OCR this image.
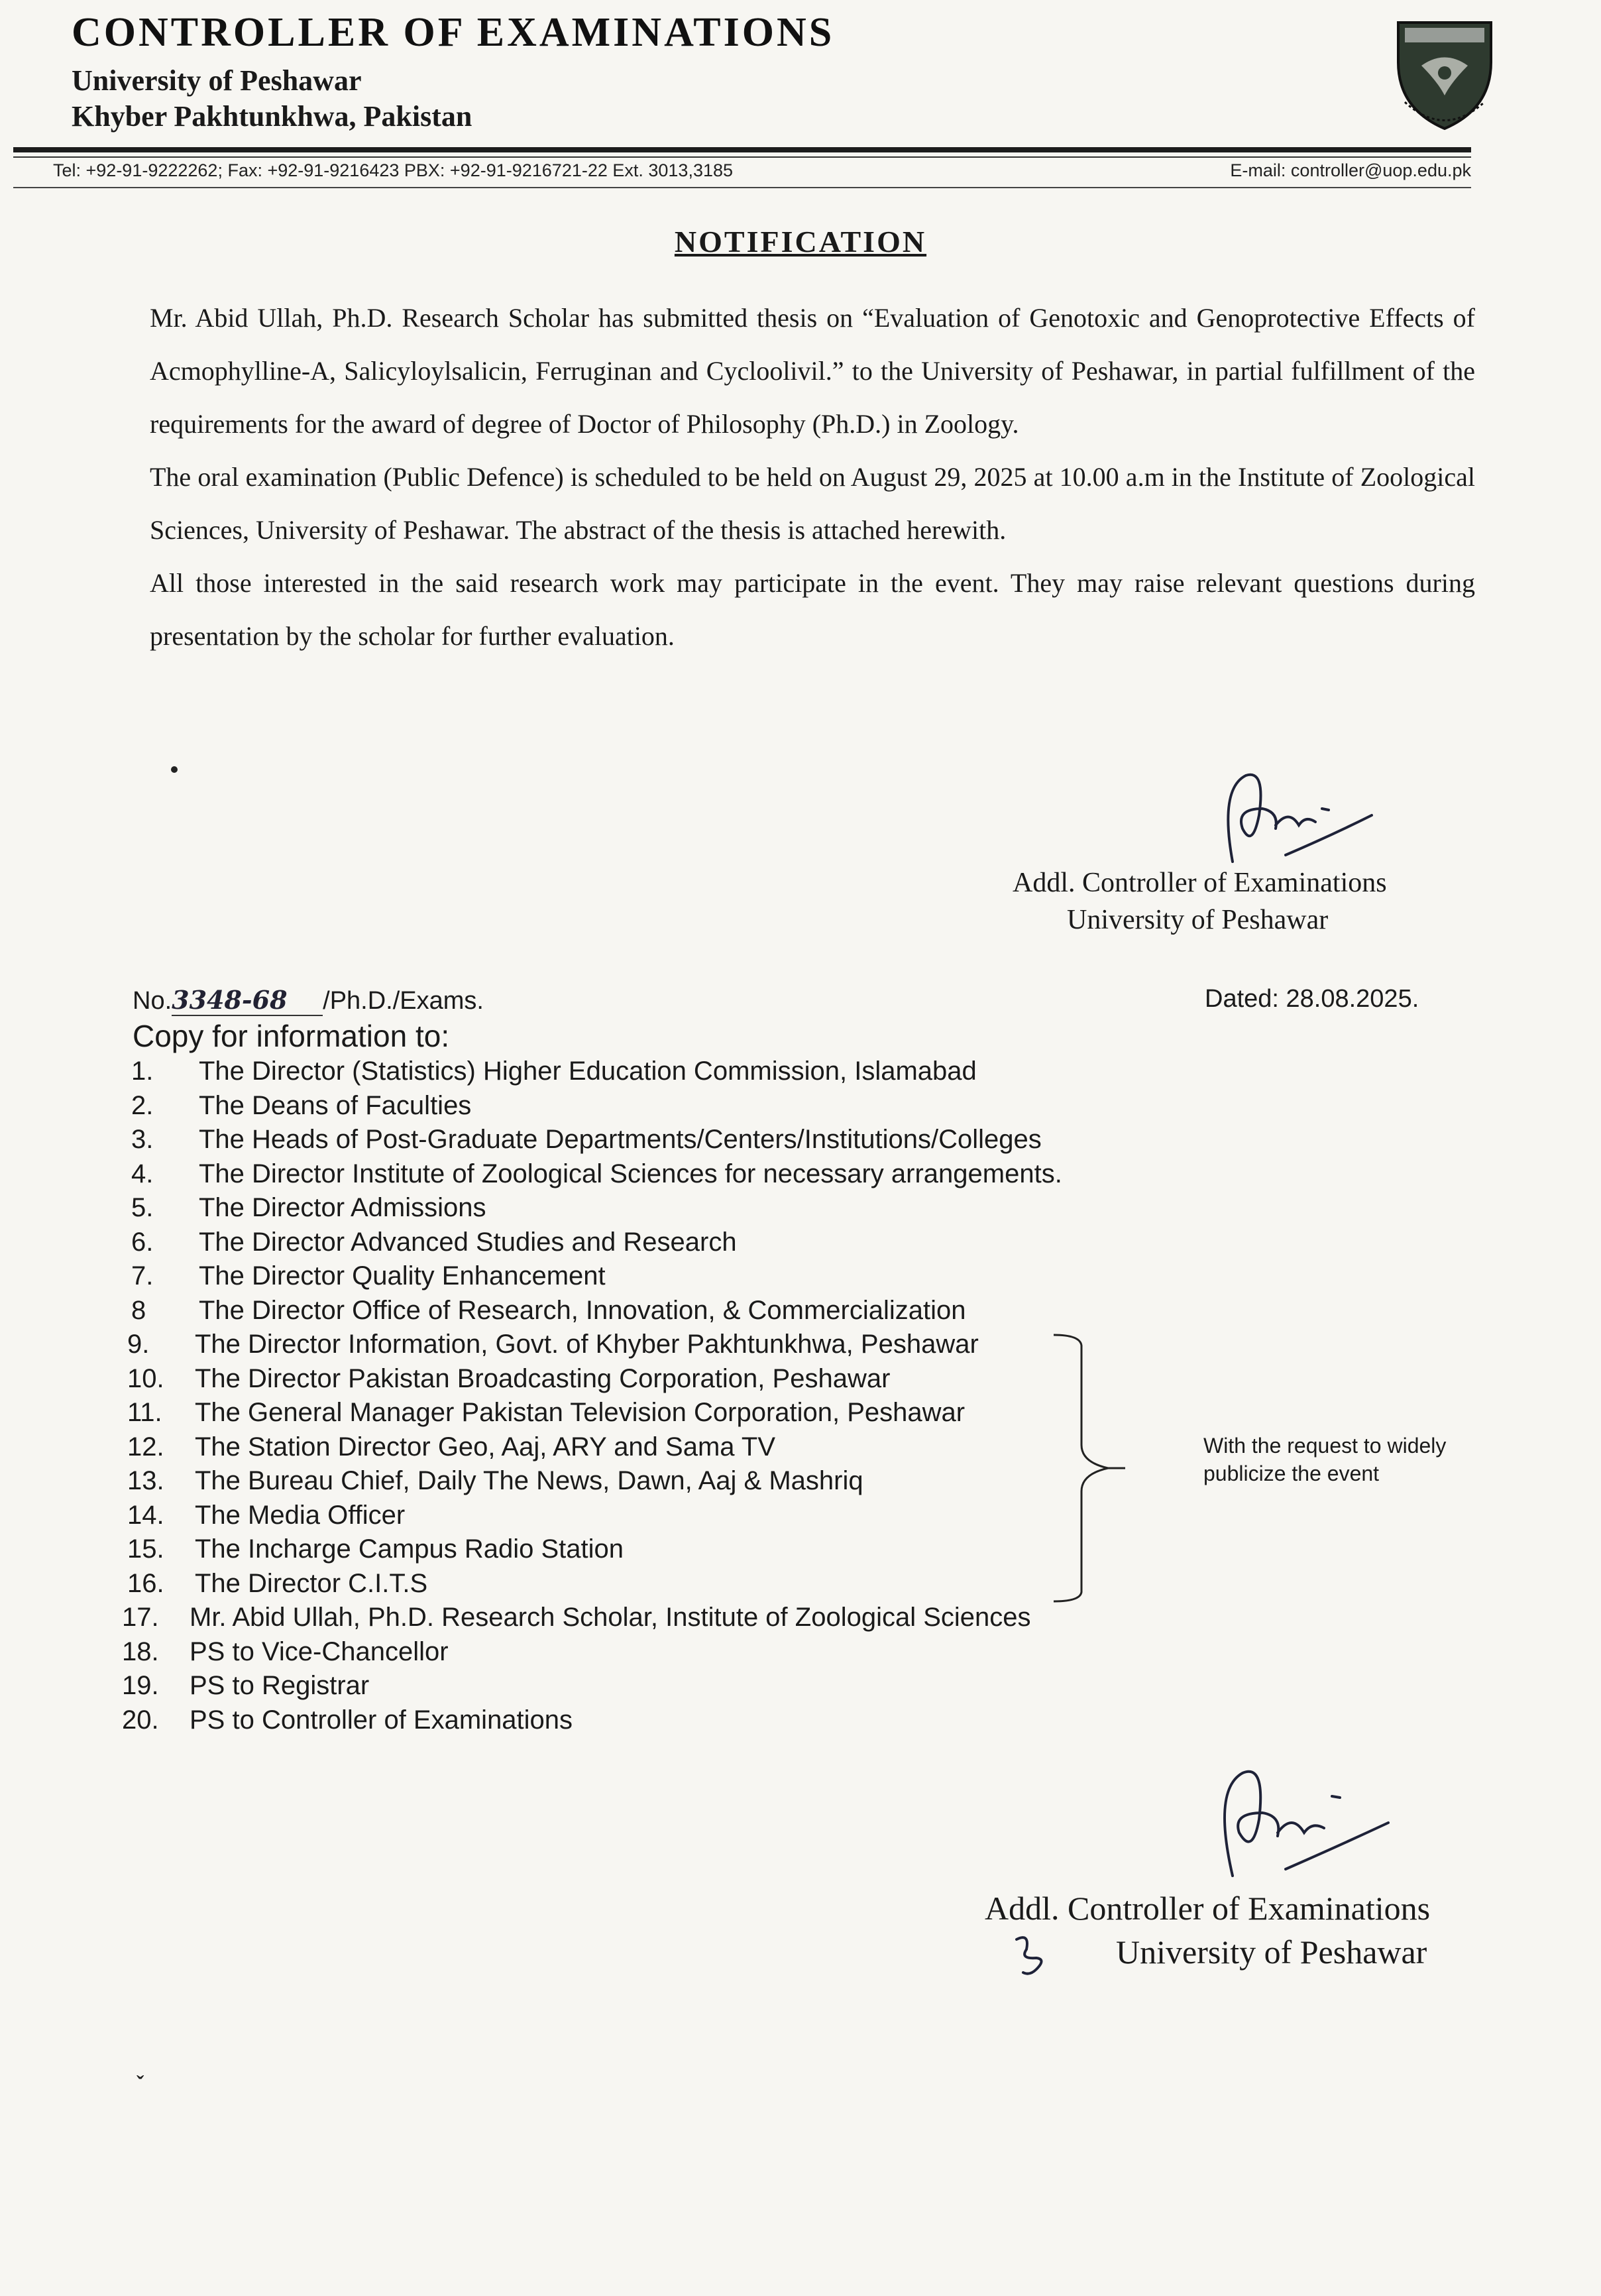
CONTROLLER OF EXAMINATIONS
University of Peshawar
Khyber Pakhtunkhwa, Pakistan
Tel: +92-91-9222262; Fax: +92-91-9216423 PBX: +92-91-9216721-22 Ext. 3013,3185	E-mail: controller@uop.edu.pk
NOTIFICATION

Mr. Abid Ullah, Ph.D. Research Scholar has submitted thesis on “Evaluation of Genotoxic and Genoprotective Effects of Acmophylline-A, Salicyloylsalicin, Ferruginan and Cycloolivil.” to the University of Peshawar, in partial fulfillment of the requirements for the award of degree of Doctor of Philosophy (Ph.D.) in Zoology.

The oral examination (Public Defence) is scheduled to be held on August 29, 2025 at 10.00 a.m in the Institute of Zoological Sciences, University of Peshawar. The abstract of the thesis is attached herewith.

All those interested in the said research work may participate in the event. They may raise relevant questions during presentation by the scholar for further evaluation.

Addl. Controller of Examinations
University of Peshawar
No.3348-68 /Ph.D./Exams.	Dated: 28.08.2025.
Copy for information to:
1. The Director (Statistics) Higher Education Commission, Islamabad
2. The Deans of Faculties
3. The Heads of Post-Graduate Departments/Centers/Institutions/Colleges
4. The Director Institute of Zoological Sciences for necessary arrangements.
5. The Director Admissions
6. The Director Advanced Studies and Research
7. The Director Quality Enhancement
8 The Director Office of Research, Innovation, & Commercialization
9. The Director Information, Govt. of Khyber Pakhtunkhwa, Peshawar
10. The Director Pakistan Broadcasting Corporation, Peshawar
11. The General Manager Pakistan Television Corporation, Peshawar
12. The Station Director Geo, Aaj, ARY and Sama TV
13. The Bureau Chief, Daily The News, Dawn, Aaj & Mashriq
14. The Media Officer
15. The Incharge Campus Radio Station
16. The Director C.I.T.S
17. Mr. Abid Ullah, Ph.D. Research Scholar, Institute of Zoological Sciences
18. PS to Vice-Chancellor
19. PS to Registrar
20. PS to Controller of Examinations
With the request to widely publicize the event
Addl. Controller of Examinations
University of Peshawar
ˬ
